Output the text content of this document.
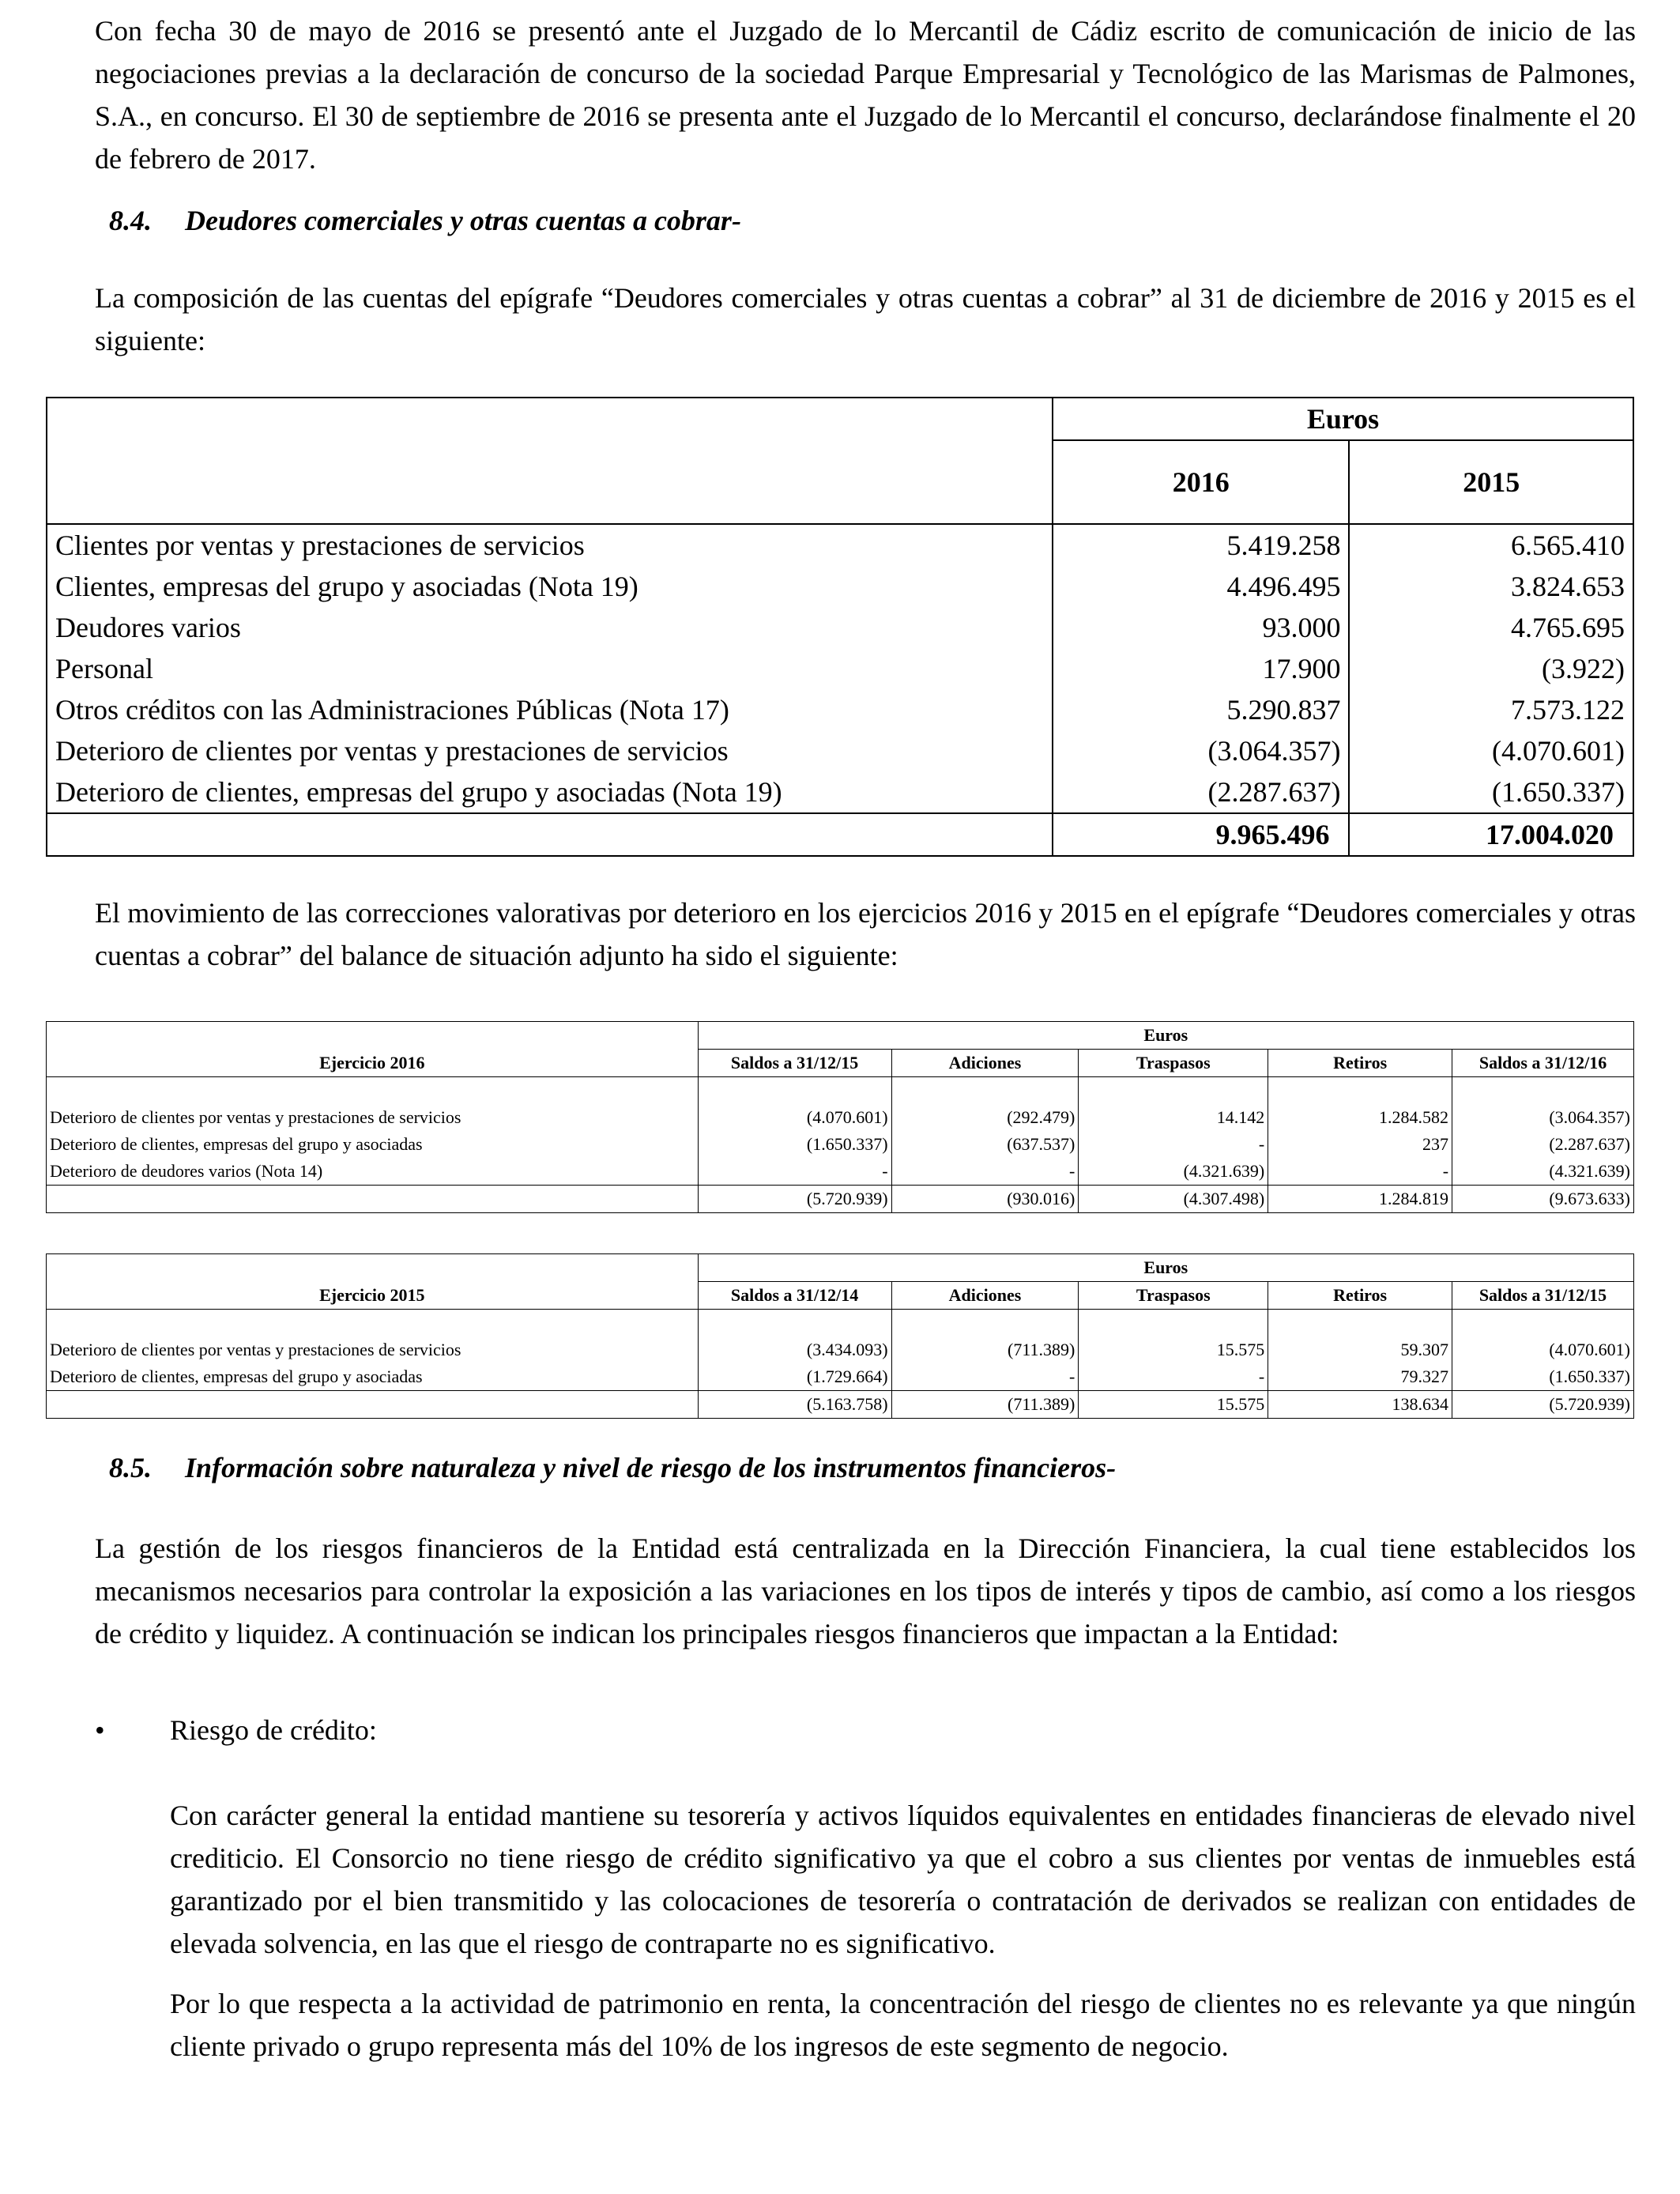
Con fecha 30 de mayo de 2016 se presentó ante el Juzgado de lo Mercantil de Cádiz escrito de comunicación de inicio de las negociaciones previas a la declaración de concurso de la sociedad Parque Empresarial y Tecnológico de las Marismas de Palmones, S.A., en concurso. El 30 de septiembre de 2016 se presenta ante el Juzgado de lo Mercantil el concurso, declarándose finalmente el 20 de febrero de 2017.

8.4. Deudores comerciales y otras cuentas a cobrar-

La composición de las cuentas del epígrafe “Deudores comerciales y otras cuentas a cobrar” al 31 de diciembre de 2016 y 2015 es el siguiente:

	Euros	
	2016	2015
Clientes por ventas y prestaciones de servicios	5.419.258	6.565.410
Clientes, empresas del grupo y asociadas (Nota 19)	4.496.495	3.824.653
Deudores varios	93.000	4.765.695
Personal	17.900	(3.922)
Otros créditos con las Administraciones Públicas (Nota 17)	5.290.837	7.573.122
Deterioro de clientes por ventas y prestaciones de servicios	(3.064.357)	(4.070.601)
Deterioro de clientes, empresas del grupo y asociadas (Nota 19)	(2.287.637)	(1.650.337)
	9.965.496	17.004.020

El movimiento de las correcciones valorativas por deterioro en los ejercicios 2016 y 2015 en el epígrafe “Deudores comerciales y otras cuentas a cobrar” del balance de situación adjunto ha sido el siguiente:

	Euros				
Ejercicio 2016	Saldos a 31/12/15	Adiciones	Traspasos	Retiros	Saldos a 31/12/16

Deterioro de clientes por ventas y prestaciones de servicios	(4.070.601)	(292.479)	14.142	1.284.582	(3.064.357)
Deterioro de clientes, empresas del grupo y asociadas	(1.650.337)	(637.537)	-	237	(2.287.637)
Deterioro de deudores varios (Nota 14)	-	-	(4.321.639)	-	(4.321.639)
	(5.720.939)	(930.016)	(4.307.498)	1.284.819	(9.673.633)
	Euros				
Ejercicio 2015	Saldos a 31/12/14	Adiciones	Traspasos	Retiros	Saldos a 31/12/15

Deterioro de clientes por ventas y prestaciones de servicios	(3.434.093)	(711.389)	15.575	59.307	(4.070.601)
Deterioro de clientes, empresas del grupo y asociadas	(1.729.664)	-	-	79.327	(1.650.337)
	(5.163.758)	(711.389)	15.575	138.634	(5.720.939)

8.5. Información sobre naturaleza y nivel de riesgo de los instrumentos financieros-

La gestión de los riesgos financieros de la Entidad está centralizada en la Dirección Financiera, la cual tiene establecidos los mecanismos necesarios para controlar la exposición a las variaciones en los tipos de interés y tipos de cambio, así como a los riesgos de crédito y liquidez. A continuación se indican los principales riesgos financieros que impactan a la Entidad:

•	Riesgo de crédito:

Con carácter general la entidad mantiene su tesorería y activos líquidos equivalentes en entidades financieras de elevado nivel crediticio. El Consorcio no tiene riesgo de crédito significativo ya que el cobro a sus clientes por ventas de inmuebles está garantizado por el bien transmitido y las colocaciones de tesorería o contratación de derivados se realizan con entidades de elevada solvencia, en las que el riesgo de contraparte no es significativo.

Por lo que respecta a la actividad de patrimonio en renta, la concentración del riesgo de clientes no es relevante ya que ningún cliente privado o grupo representa más del 10% de los ingresos de este segmento de negocio.
